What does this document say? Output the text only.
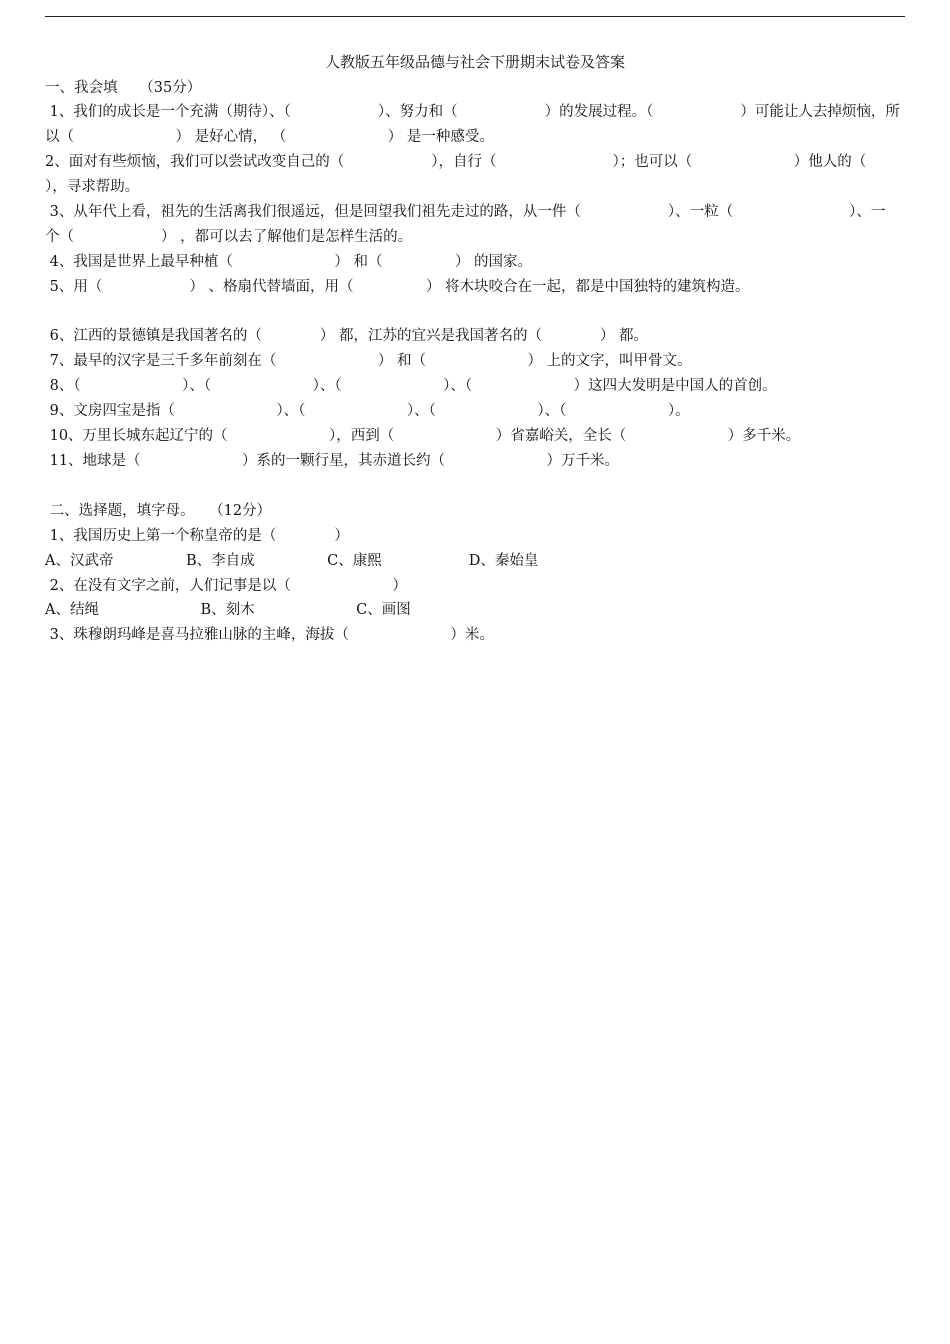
人教版五年级品德与社会下册期末试卷及答案
一、我会填　　（35分）
1、我们的成长是一个充满（期待）、（　　　　　　）、努力和（　　　　　　）的发展过程。（　　　　　　）可能让人去掉烦恼，所
以（　　　　　　　） 是好心情， （　　　　　　　） 是一种感受。
2、面对有些烦恼，我们可以尝试改变自己的（　　　　　　），自行（　　　　　　　　）；也可以（　　　　　　　）他人的（
），寻求帮助。
3、从年代上看，祖先的生活离我们很遥远，但是回望我们祖先走过的路，从一件（　　　　　　）、一粒（　　　　　　　　）、一
个（　　　　　　） ，都可以去了解他们是怎样生活的。
4、我国是世界上最早种植（　　　　　　　） 和（　　　　　） 的国家。
5、用（　　　　　　） 、格扇代替墙面，用（　　　　　） 将木块咬合在一起，都是中国独特的建筑构造。
6、江西的景德镇是我国著名的（　　　　） 都，江苏的宜兴是我国著名的（　　　　） 都。
7、最早的汉字是三千多年前刻在（　　　　　　　） 和（　　　　　　　） 上的文字，叫甲骨文。
8、（　　　　　　　）、（　　　　　　　）、（　　　　　　　）、（　　　　　　　）这四大发明是中国人的首创。
9、文房四宝是指（　　　　　　　）、（　　　　　　　）、（　　　　　　　）、（　　　　　　　）。
10、万里长城东起辽宁的（　　　　　　　），西到（　　　　　　　）省嘉峪关，全长（　　　　　　　）多千米。
11、地球是（　　　　　　　）系的一颗行星，其赤道长约（　　　　　　　）万千米。
二、选择题，填字母。　　（12分）
1、我国历史上第一个称皇帝的是（　　　　）
A、汉武帝　　　　　B、李自成　　　　　C、康熙　　　　　　D、秦始皇
2、在没有文字之前，人们记事是以（　　　　　　　）
A、结绳　　　　　　　B、刻木　　　　　　　C、画图
3、珠穆朗玛峰是喜马拉雅山脉的主峰，海拔（　　　　　　　）米。
